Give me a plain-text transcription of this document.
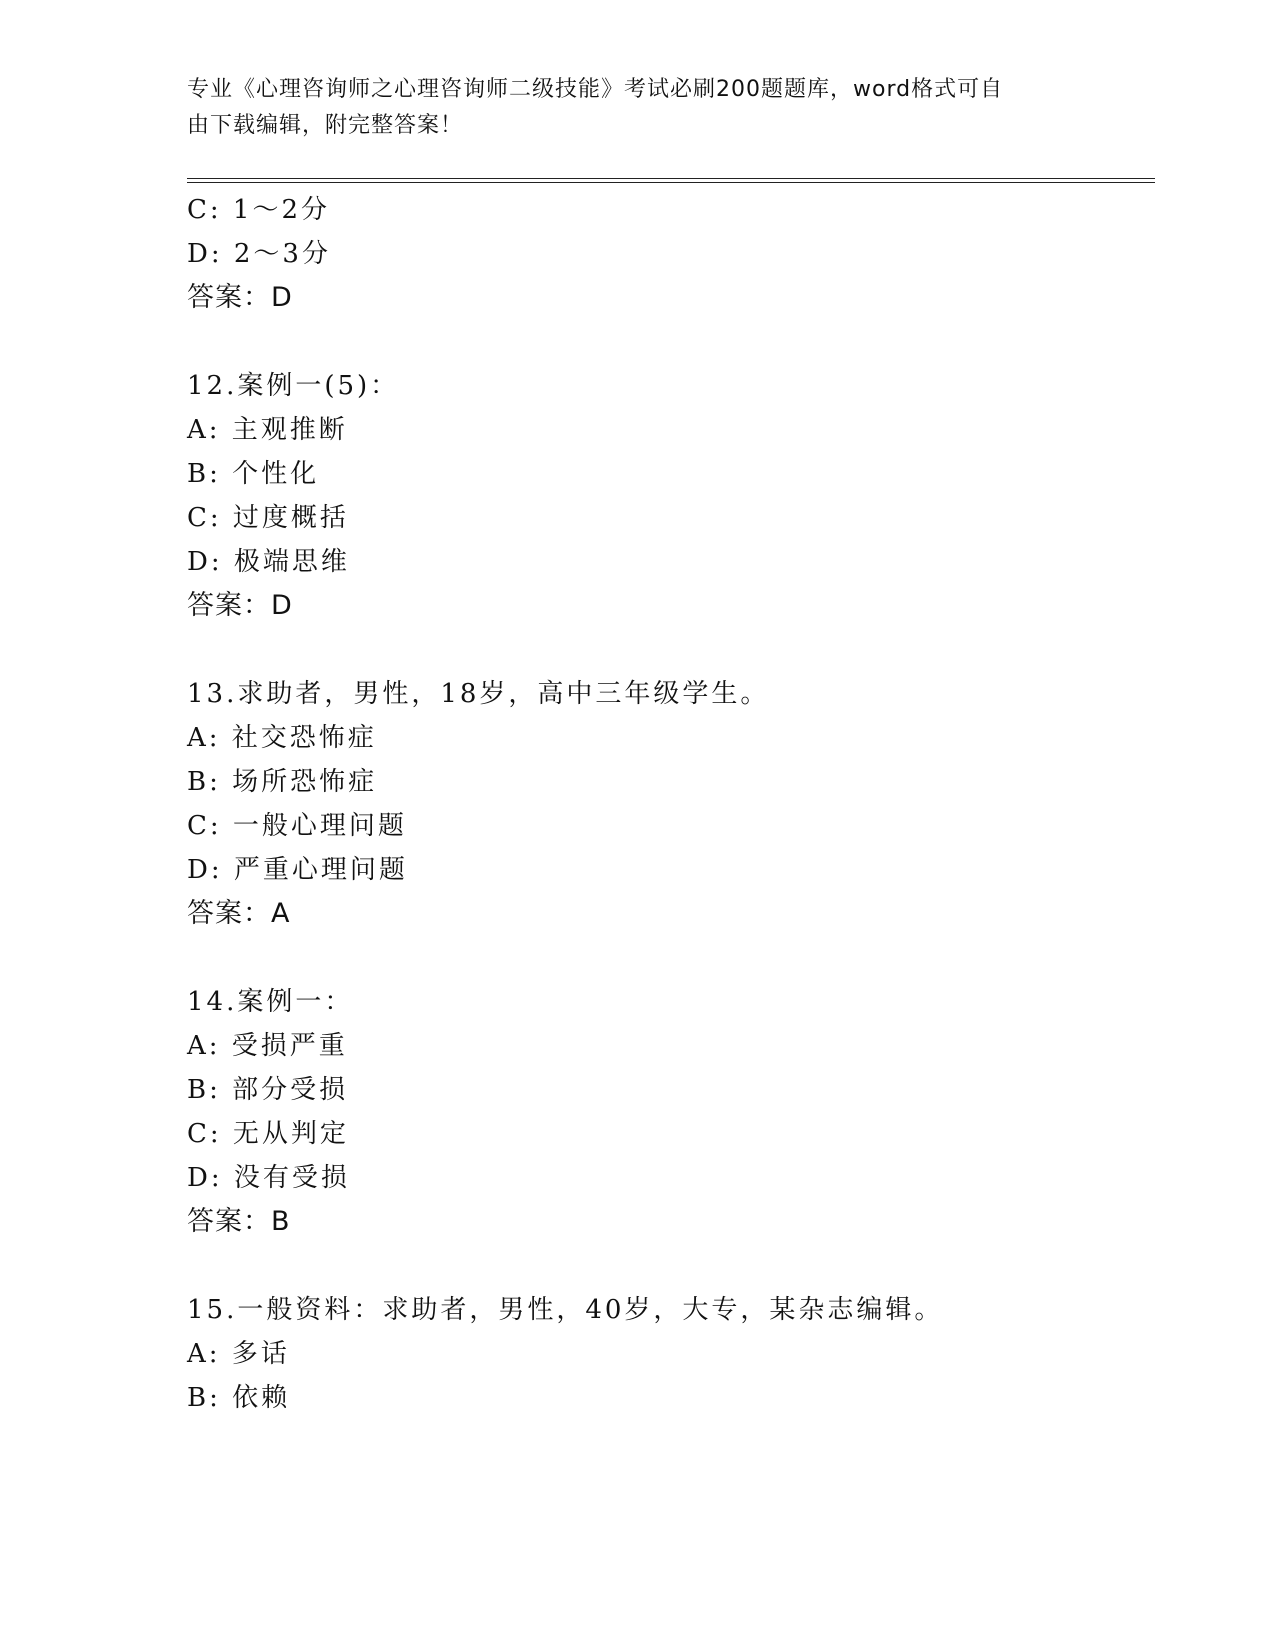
专业《心理咨询师之心理咨询师二级技能》考试必刷200题题库，word格式可自
由下载编辑，附完整答案！
C: 1～2分
D: 2～3分
答案：D
12.案例一(5)：
A: 主观推断
B: 个性化
C: 过度概括
D: 极端思维
答案：D
13.求助者，男性，18岁，高中三年级学生。
A: 社交恐怖症
B: 场所恐怖症
C: 一般心理问题
D: 严重心理问题
答案：A
14.案例一：
A: 受损严重
B: 部分受损
C: 无从判定
D: 没有受损
答案：B
15.一般资料：求助者，男性，40岁，大专，某杂志编辑。
A: 多话
B: 依赖
